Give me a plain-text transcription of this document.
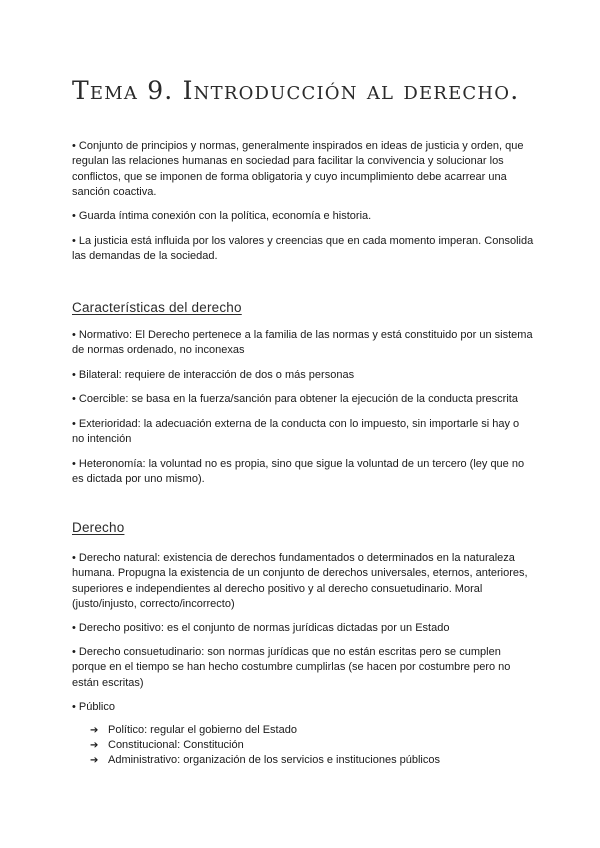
Tema 9. Introducción al derecho.

• Conjunto de principios y normas, generalmente inspirados en ideas de justicia y orden, que regulan las relaciones humanas en sociedad para facilitar la convivencia y solucionar los conflictos, que se imponen de forma obligatoria y cuyo incumplimiento debe acarrear una sanción coactiva.

• Guarda íntima conexión con la política, economía e historia.

• La justicia está influida por los valores y creencias que en cada momento imperan. Consolida las demandas de la sociedad.

Características del derecho

• Normativo: El Derecho pertenece a la familia de las normas y está constituido por un sistema de normas ordenado, no inconexas

• Bilateral: requiere de interacción de dos o más personas

• Coercible: se basa en la fuerza/sanción para obtener la ejecución de la conducta prescrita

• Exterioridad: la adecuación externa de la conducta con lo impuesto, sin importarle si hay o no intención

• Heteronomía: la voluntad no es propia, sino que sigue la voluntad de un tercero (ley que no es dictada por uno mismo).

Derecho

• Derecho natural: existencia de derechos fundamentados o determinados en la naturaleza humana. Propugna la existencia de un conjunto de derechos universales, eternos, anteriores, superiores e independientes al derecho positivo y al derecho consuetudinario. Moral (justo/injusto, correcto/incorrecto)

• Derecho positivo: es el conjunto de normas jurídicas dictadas por un Estado

• Derecho consuetudinario: son normas jurídicas que no están escritas pero se cumplen porque en el tiempo se han hecho costumbre cumplirlas (se hacen por costumbre pero no están escritas)

• Público

➔ Político: regular el gobierno del Estado
➔ Constitucional: Constitución
➔ Administrativo: organización de los servicios e instituciones públicos
